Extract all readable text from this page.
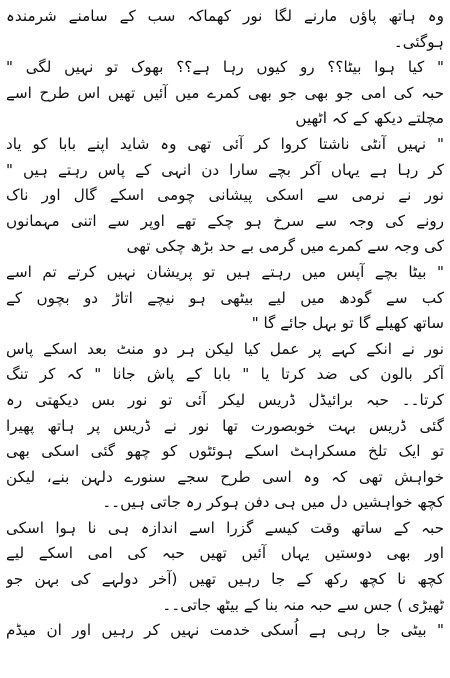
وہ ہاتھ پاؤں مارنے لگا نور کھماکہ سب کے سامنے شرمندہ
ہوگئی۔
" کیا ہوا بیٹا؟؟ رو کیوں رہا ہے؟؟ بھوک تو نہیں لگی "
حبہ کی امی جو بھی جو بھی کمرے میں آئیں تھیں اس طرح اسے
مچلتے دیکھ کے کہ اٹھیں
" نہیں آنٹی ناشتا کروا کر آئی تھی وہ شاید اپنے بابا کو یاد
کر رہا ہے یہاں آکر بچے سارا دن انہی کے پاس رہتے ہیں "
نور نے نرمی سے اسکی پیشانی چومی اسکے گال اور ناک
رونے کی وجہ سے سرخ ہو چکے تھے اوپر سے اتنی مہمانوں
کی وجہ سے کمرے میں گرمی بے حد بڑھ چکی تھی
" بیٹا بچے آپس میں رہتے ہیں تو پریشان نہیں کرتے تم اسے
کب سے گودھ میں لیے بیٹھی ہو نیچے اتاڑ دو بچوں کے
ساتھ کھیلے گا تو بہل جائے گا "
نور نے انکے کہے پر عمل کیا لیکن ہر دو منٹ بعد اسکے پاس
آکر بالون کی ضد کرتا یا " بابا کے پاش جانا " کہ کر تنگ
کرتا۔۔ حبہ برائیڈل ڈریس لیکر آئی تو نور بس دیکھتی رہ
گئی ڈریس بہت خوبصورت تھا نور نے ڈریس پر ہاتھ پھیرا
تو ایک تلخ مسکراہٹ اسکے ہوئٹوں کو چھو گئی اسکی بھی
خواہش تھی کہ وہ اسی طرح سجے سنورے دلہن بنے، لیکن
کچھ خواہشیں دل میں ہی دفن ہوکر رہ جاتی ہیں۔۔
حبہ کے ساتھ وقت کیسے گزرا اسے اندازہ ہی نا ہوا اسکی
اور بھی دوستیں یہاں آئیں تھیں حبہ کی امی اسکے لیے
کچھ نا کچھ رکھ کے جا رہیں تھیں (آخر دولہے کی بہن جو
ٹھیڑی ) جس سے حبہ منہ بنا کے بیٹھ جاتی۔۔
" بیٹی جا رہی ہے اُسکی خدمت نہیں کر رہیں اور ان میڈم
